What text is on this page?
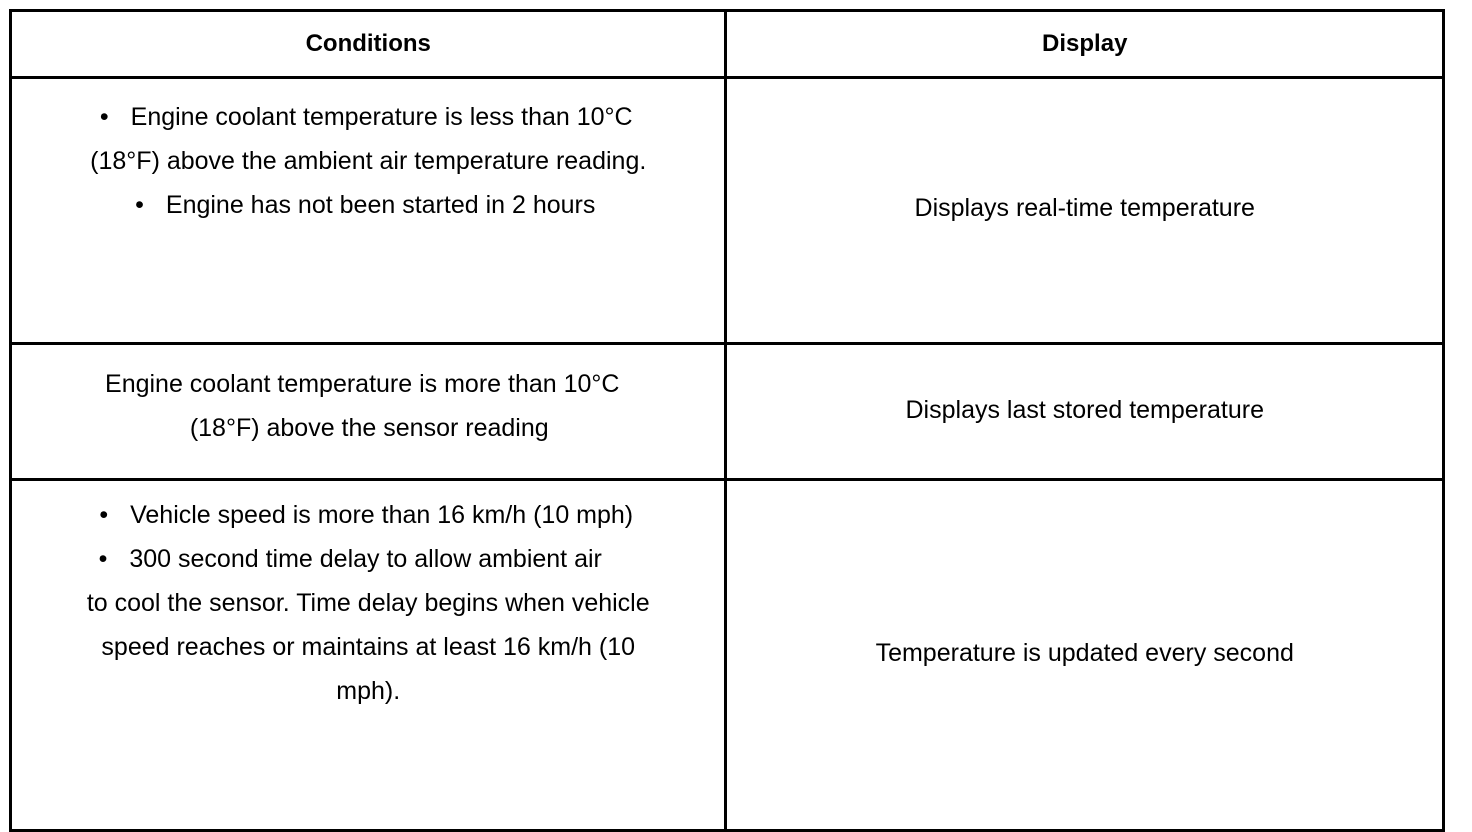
Conditions	Display

• Engine coolant temperature is less than 10°C
(18°F) above the ambient air temperature reading.
• Engine has not been started in 2 hours	Displays real-time temperature

Engine coolant temperature is more than 10°C
(18°F) above the sensor reading	Displays last stored temperature

• Vehicle speed is more than 16 km/h (10 mph)
• 300 second time delay to allow ambient air
to cool the sensor. Time delay begins when vehicle
speed reaches or maintains at least 16 km/h (10
mph).	Temperature is updated every second
